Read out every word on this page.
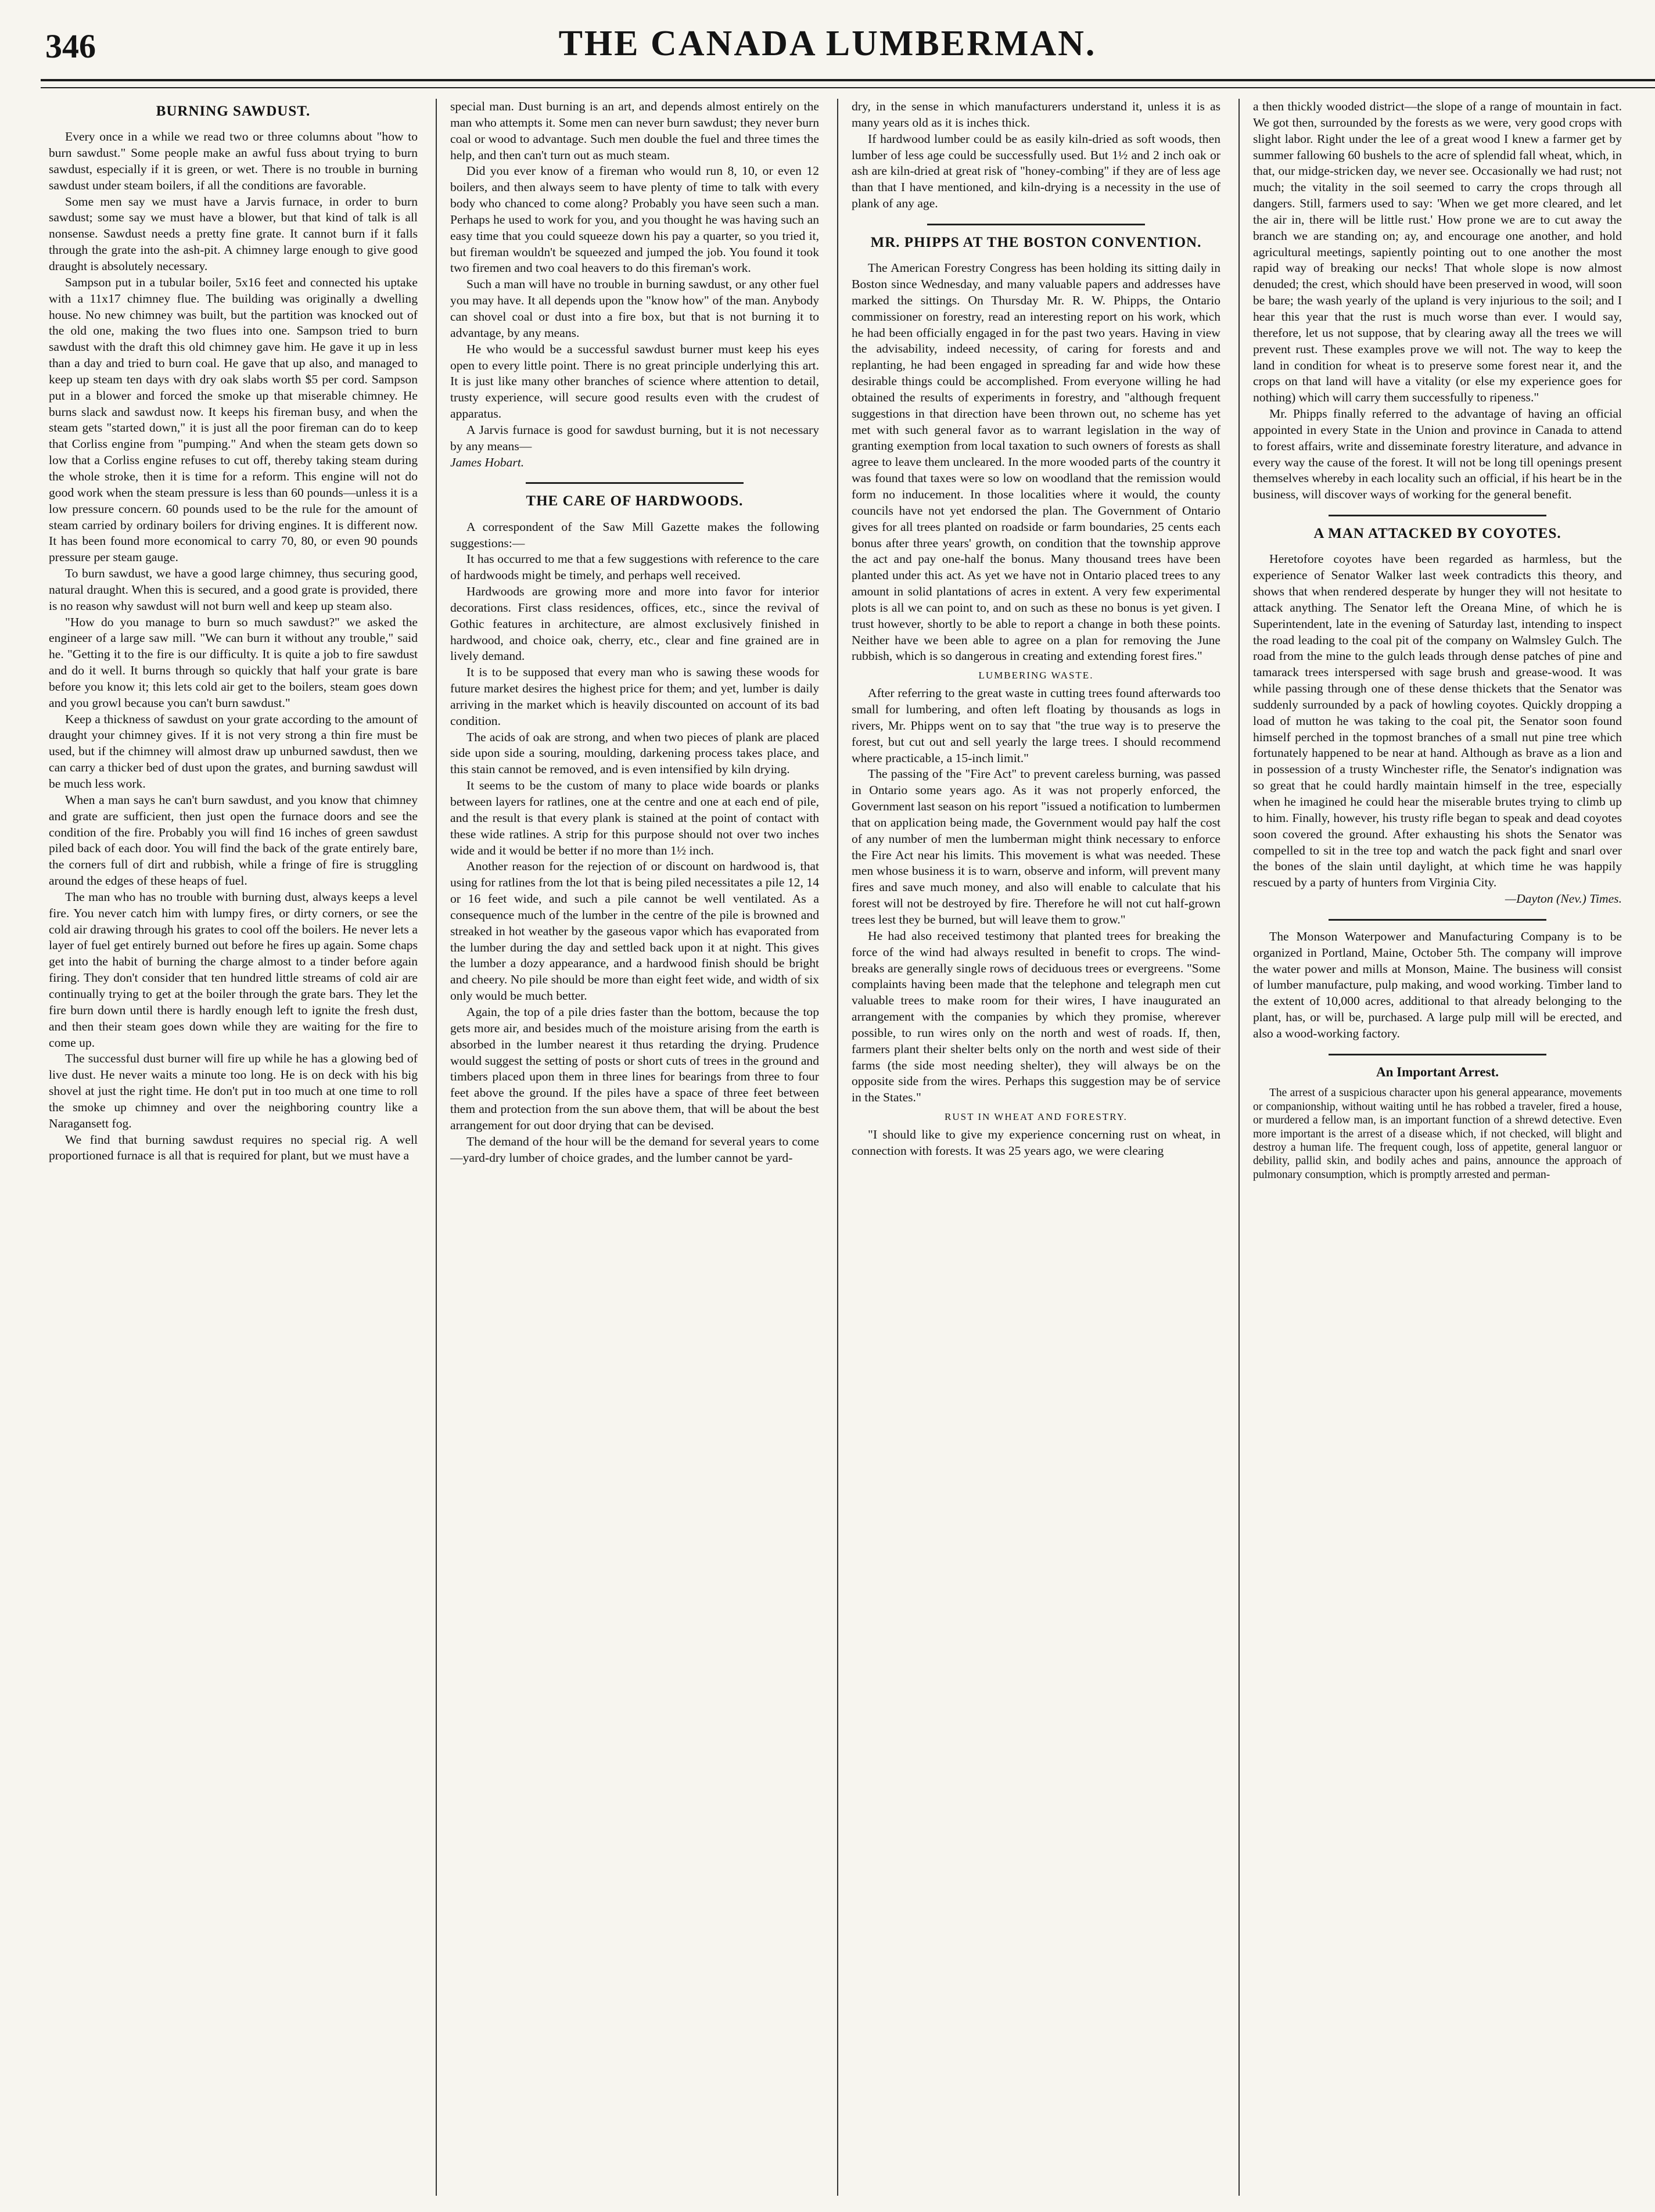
346	THE CANADA LUMBERMAN.
BURNING SAWDUST.

Every once in a while we read two or three columns about "how to burn sawdust." Some people make an awful fuss about trying to burn sawdust, especially if it is green, or wet. There is no trouble in burning sawdust under steam boilers, if all the conditions are favorable.

Some men say we must have a Jarvis furnace, in order to burn sawdust; some say we must have a blower, but that kind of talk is all nonsense. Sawdust needs a pretty fine grate. It cannot burn if it falls through the grate into the ash-pit. A chimney large enough to give good draught is absolutely necessary.

Sampson put in a tubular boiler, 5x16 feet and connected his uptake with a 11x17 chimney flue. The building was originally a dwelling house. No new chimney was built, but the partition was knocked out of the old one, making the two flues into one. Sampson tried to burn sawdust with the draft this old chimney gave him. He gave it up in less than a day and tried to burn coal. He gave that up also, and managed to keep up steam ten days with dry oak slabs worth $5 per cord. Sampson put in a blower and forced the smoke up that miserable chimney. He burns slack and sawdust now. It keeps his fireman busy, and when the steam gets "started down," it is just all the poor fireman can do to keep that Corliss engine from "pumping." And when the steam gets down so low that a Corliss engine refuses to cut off, thereby taking steam during the whole stroke, then it is time for a reform. This engine will not do good work when the steam pressure is less than 60 pounds—unless it is a low pressure concern. 60 pounds used to be the rule for the amount of steam carried by ordinary boilers for driving engines. It is different now. It has been found more economical to carry 70, 80, or even 90 pounds pressure per steam gauge.

To burn sawdust, we have a good large chimney, thus securing good, natural draught. When this is secured, and a good grate is provided, there is no reason why sawdust will not burn well and keep up steam also.

"How do you manage to burn so much sawdust?" we asked the engineer of a large saw mill. "We can burn it without any trouble," said he. "Getting it to the fire is our difficulty. It is quite a job to fire sawdust and do it well. It burns through so quickly that half your grate is bare before you know it; this lets cold air get to the boilers, steam goes down and you growl because you can't burn sawdust."

Keep a thickness of sawdust on your grate according to the amount of draught your chimney gives. If it is not very strong a thin fire must be used, but if the chimney will almost draw up unburned sawdust, then we can carry a thicker bed of dust upon the grates, and burning sawdust will be much less work.

When a man says he can't burn sawdust, and you know that chimney and grate are sufficient, then just open the furnace doors and see the condition of the fire. Probably you will find 16 inches of green sawdust piled back of each door. You will find the back of the grate entirely bare, the corners full of dirt and rubbish, while a fringe of fire is struggling around the edges of these heaps of fuel.

The man who has no trouble with burning dust, always keeps a level fire. You never catch him with lumpy fires, or dirty corners, or see the cold air drawing through his grates to cool off the boilers. He never lets a layer of fuel get entirely burned out before he fires up again. Some chaps get into the habit of burning the charge almost to a tinder before again firing. They don't consider that ten hundred little streams of cold air are continually trying to get at the boiler through the grate bars. They let the fire burn down until there is hardly enough left to ignite the fresh dust, and then their steam goes down while they are waiting for the fire to come up.

The successful dust burner will fire up while he has a glowing bed of live dust. He never waits a minute too long. He is on deck with his big shovel at just the right time. He don't put in too much at one time to roll the smoke up chimney and over the neighboring country like a Naragansett fog.

We find that burning sawdust requires no special rig. A well proportioned furnace is all that is required for plant, but we must have a

special man. Dust burning is an art, and depends almost entirely on the man who attempts it. Some men can never burn sawdust; they never burn coal or wood to advantage. Such men double the fuel and three times the help, and then can't turn out as much steam.

Did you ever know of a fireman who would run 8, 10, or even 12 boilers, and then always seem to have plenty of time to talk with every body who chanced to come along? Probably you have seen such a man. Perhaps he used to work for you, and you thought he was having such an easy time that you could squeeze down his pay a quarter, so you tried it, but fireman wouldn't be squeezed and jumped the job. You found it took two firemen and two coal heavers to do this fireman's work.

Such a man will have no trouble in burning sawdust, or any other fuel you may have. It all depends upon the "know how" of the man. Anybody can shovel coal or dust into a fire box, but that is not burning it to advantage, by any means.

He who would be a successful sawdust burner must keep his eyes open to every little point. There is no great principle underlying this art. It is just like many other branches of science where attention to detail, trusty experience, will secure good results even with the crudest of apparatus.

A Jarvis furnace is good for sawdust burning, but it is not necessary by any means—

James Hobart.

THE CARE OF HARDWOODS.

A correspondent of the Saw Mill Gazette makes the following suggestions:—

It has occurred to me that a few suggestions with reference to the care of hardwoods might be timely, and perhaps well received.

Hardwoods are growing more and more into favor for interior decorations. First class residences, offices, etc., since the revival of Gothic features in architecture, are almost exclusively finished in hardwood, and choice oak, cherry, etc., clear and fine grained are in lively demand.

It is to be supposed that every man who is sawing these woods for future market desires the highest price for them; and yet, lumber is daily arriving in the market which is heavily discounted on account of its bad condition.

The acids of oak are strong, and when two pieces of plank are placed side upon side a souring, moulding, darkening process takes place, and this stain cannot be removed, and is even intensified by kiln drying.

It seems to be the custom of many to place wide boards or planks between layers for ratlines, one at the centre and one at each end of pile, and the result is that every plank is stained at the point of contact with these wide ratlines. A strip for this purpose should not over two inches wide and it would be better if no more than 1½ inch.

Another reason for the rejection of or discount on hardwood is, that using for ratlines from the lot that is being piled necessitates a pile 12, 14 or 16 feet wide, and such a pile cannot be well ventilated. As a consequence much of the lumber in the centre of the pile is browned and streaked in hot weather by the gaseous vapor which has evaporated from the lumber during the day and settled back upon it at night. This gives the lumber a dozy appearance, and a hardwood finish should be bright and cheery. No pile should be more than eight feet wide, and width of six only would be much better.

Again, the top of a pile dries faster than the bottom, because the top gets more air, and besides much of the moisture arising from the earth is absorbed in the lumber nearest it thus retarding the drying. Prudence would suggest the setting of posts or short cuts of trees in the ground and timbers placed upon them in three lines for bearings from three to four feet above the ground. If the piles have a space of three feet between them and protection from the sun above them, that will be about the best arrangement for out door drying that can be devised.

The demand of the hour will be the demand for several years to come—yard-dry lumber of choice grades, and the lumber cannot be yard-

dry, in the sense in which manufacturers understand it, unless it is as many years old as it is inches thick.

If hardwood lumber could be as easily kiln-dried as soft woods, then lumber of less age could be successfully used. But 1½ and 2 inch oak or ash are kiln-dried at great risk of "honey-combing" if they are of less age than that I have mentioned, and kiln-drying is a necessity in the use of plank of any age.

MR. PHIPPS AT THE BOSTON CONVENTION.

The American Forestry Congress has been holding its sitting daily in Boston since Wednesday, and many valuable papers and addresses have marked the sittings. On Thursday Mr. R. W. Phipps, the Ontario commissioner on forestry, read an interesting report on his work, which he had been officially engaged in for the past two years. Having in view the advisability, indeed necessity, of caring for forests and and replanting, he had been engaged in spreading far and wide how these desirable things could be accomplished. From everyone willing he had obtained the results of experiments in forestry, and "although frequent suggestions in that direction have been thrown out, no scheme has yet met with such general favor as to warrant legislation in the way of granting exemption from local taxation to such owners of forests as shall agree to leave them uncleared. In the more wooded parts of the country it was found that taxes were so low on woodland that the remission would form no inducement. In those localities where it would, the county councils have not yet endorsed the plan. The Government of Ontario gives for all trees planted on roadside or farm boundaries, 25 cents each bonus after three years' growth, on condition that the township approve the act and pay one-half the bonus. Many thousand trees have been planted under this act. As yet we have not in Ontario placed trees to any amount in solid plantations of acres in extent. A very few experimental plots is all we can point to, and on such as these no bonus is yet given. I trust however, shortly to be able to report a change in both these points. Neither have we been able to agree on a plan for removing the June rubbish, which is so dangerous in creating and extending forest fires."

LUMBERING WASTE.

After referring to the great waste in cutting trees found afterwards too small for lumbering, and often left floating by thousands as logs in rivers, Mr. Phipps went on to say that "the true way is to preserve the forest, but cut out and sell yearly the large trees. I should recommend where practicable, a 15-inch limit."

The passing of the "Fire Act" to prevent careless burning, was passed in Ontario some years ago. As it was not properly enforced, the Government last season on his report "issued a notification to lumbermen that on application being made, the Government would pay half the cost of any number of men the lumberman might think necessary to enforce the Fire Act near his limits. This movement is what was needed. These men whose business it is to warn, observe and inform, will prevent many fires and save much money, and also will enable to calculate that his forest will not be destroyed by fire. Therefore he will not cut half-grown trees lest they be burned, but will leave them to grow."

He had also received testimony that planted trees for breaking the force of the wind had always resulted in benefit to crops. The wind-breaks are generally single rows of deciduous trees or evergreens. "Some complaints having been made that the telephone and telegraph men cut valuable trees to make room for their wires, I have inaugurated an arrangement with the companies by which they promise, wherever possible, to run wires only on the north and west of roads. If, then, farmers plant their shelter belts only on the north and west side of their farms (the side most needing shelter), they will always be on the opposite side from the wires. Perhaps this suggestion may be of service in the States."

RUST IN WHEAT AND FORESTRY.

"I should like to give my experience concerning rust on wheat, in connection with forests. It was 25 years ago, we were clearing

a then thickly wooded district—the slope of a range of mountain in fact. We got then, surrounded by the forests as we were, very good crops with slight labor. Right under the lee of a great wood I knew a farmer get by summer fallowing 60 bushels to the acre of splendid fall wheat, which, in that, our midge-stricken day, we never see. Occasionally we had rust; not much; the vitality in the soil seemed to carry the crops through all dangers. Still, farmers used to say: 'When we get more cleared, and let the air in, there will be little rust.' How prone we are to cut away the branch we are standing on; ay, and encourage one another, and hold agricultural meetings, sapiently pointing out to one another the most rapid way of breaking our necks! That whole slope is now almost denuded; the crest, which should have been preserved in wood, will soon be bare; the wash yearly of the upland is very injurious to the soil; and I hear this year that the rust is much worse than ever. I would say, therefore, let us not suppose, that by clearing away all the trees we will prevent rust. These examples prove we will not. The way to keep the land in condition for wheat is to preserve some forest near it, and the crops on that land will have a vitality (or else my experience goes for nothing) which will carry them successfully to ripeness."

Mr. Phipps finally referred to the advantage of having an official appointed in every State in the Union and province in Canada to attend to forest affairs, write and disseminate forestry literature, and advance in every way the cause of the forest. It will not be long till openings present themselves whereby in each locality such an official, if his heart be in the business, will discover ways of working for the general benefit.

A MAN ATTACKED BY COYOTES.

Heretofore coyotes have been regarded as harmless, but the experience of Senator Walker last week contradicts this theory, and shows that when rendered desperate by hunger they will not hesitate to attack anything. The Senator left the Oreana Mine, of which he is Superintendent, late in the evening of Saturday last, intending to inspect the road leading to the coal pit of the company on Walmsley Gulch. The road from the mine to the gulch leads through dense patches of pine and tamarack trees interspersed with sage brush and grease-wood. It was while passing through one of these dense thickets that the Senator was suddenly surrounded by a pack of howling coyotes. Quickly dropping a load of mutton he was taking to the coal pit, the Senator soon found himself perched in the topmost branches of a small nut pine tree which fortunately happened to be near at hand. Although as brave as a lion and in possession of a trusty Winchester rifle, the Senator's indignation was so great that he could hardly maintain himself in the tree, especially when he imagined he could hear the miserable brutes trying to climb up to him. Finally, however, his trusty rifle began to speak and dead coyotes soon covered the ground. After exhausting his shots the Senator was compelled to sit in the tree top and watch the pack fight and snarl over the bones of the slain until daylight, at which time he was happily rescued by a party of hunters from Virginia City.

—Dayton (Nev.) Times.

The Monson Waterpower and Manufacturing Company is to be organized in Portland, Maine, October 5th. The company will improve the water power and mills at Monson, Maine. The business will consist of lumber manufacture, pulp making, and wood working. Timber land to the extent of 10,000 acres, additional to that already belonging to the plant, has, or will be, purchased. A large pulp mill will be erected, and also a wood-working factory.

An Important Arrest.

The arrest of a suspicious character upon his general appearance, movements or companionship, without waiting until he has robbed a traveler, fired a house, or murdered a fellow man, is an important function of a shrewd detective. Even more important is the arrest of a disease which, if not checked, will blight and destroy a human life. The frequent cough, loss of appetite, general languor or debility, pallid skin, and bodily aches and pains, announce the approach of pulmonary consumption, which is promptly arrested and perman-
